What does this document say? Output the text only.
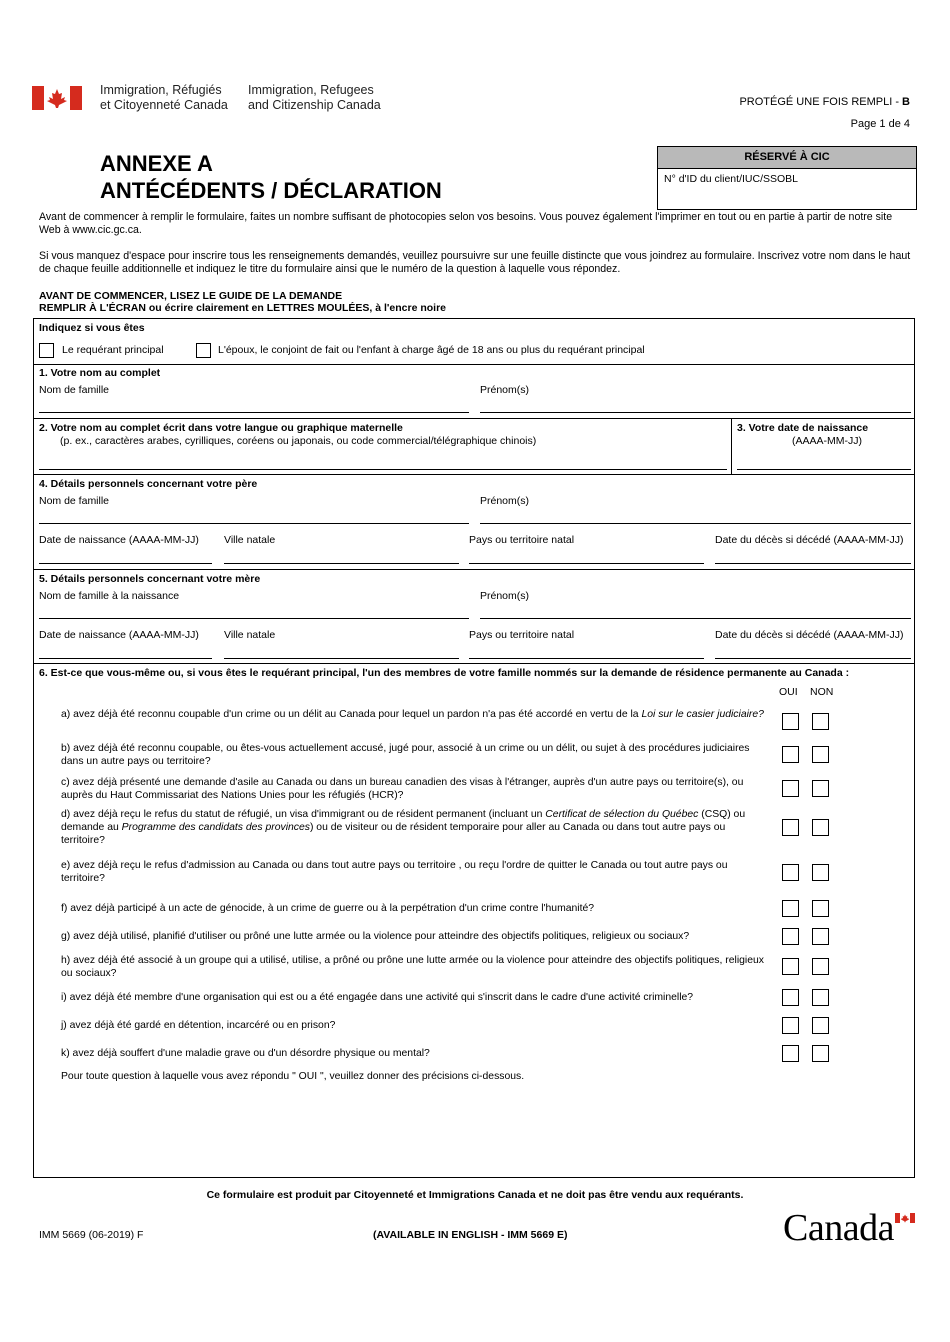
Immigration, Réfugiés
et Citoyenneté Canada
Immigration, Refugees
and Citizenship Canada	PROTÉGÉ UNE FOIS REMPLI - B
Page 1 de 4
ANNEXE A
ANTÉCÉDENTS / DÉCLARATION
RÉSERVÉ À CIC
N° d'ID du client/IUC/SSOBL
Avant de commencer à remplir le formulaire, faites un nombre suffisant de photocopies selon vos besoins. Vous pouvez également l'imprimer en tout ou en partie à partir de notre site Web à www.cic.gc.ca.
Si vous manquez d'espace pour inscrire tous les renseignements demandés, veuillez poursuivre sur une feuille distincte que vous joindrez au formulaire. Inscrivez votre nom dans le haut de chaque feuille additionnelle et indiquez le titre du formulaire ainsi que le numéro de la question à laquelle vous répondez.
AVANT DE COMMENCER, LISEZ LE GUIDE DE LA DEMANDE
REMPLIR À L'ÉCRAN ou écrire clairement en LETTRES MOULÉES, à l'encre noire
Indiquez si vous êtes
Le requérant principal	L'époux, le conjoint de fait ou l'enfant à charge âgé de 18 ans ou plus du requérant principal
1. Votre nom au complet
Nom de famille	Prénom(s)
2. Votre nom au complet écrit dans votre langue ou graphique maternelle
(p. ex., caractères arabes, cyrilliques, coréens ou japonais, ou code commercial/télégraphique chinois)
3. Votre date de naissance
(AAAA-MM-JJ)
4. Détails personnels concernant votre père
Nom de famille	Prénom(s)
Date de naissance (AAAA-MM-JJ) Ville natale	Pays ou territoire natal	Date du décès si décédé (AAAA-MM-JJ)
5. Détails personnels concernant votre mère
Nom de famille à la naissance	Prénom(s)
Date de naissance (AAAA-MM-JJ) Ville natale	Pays ou territoire natal	Date du décès si décédé (AAAA-MM-JJ)
6. Est-ce que vous-même ou, si vous êtes le requérant principal, l'un des membres de votre famille nommés sur la demande de résidence permanente au Canada :
OUI NON
a) avez déjà été reconnu coupable d'un crime ou un délit au Canada pour lequel un pardon n'a pas été accordé en vertu de la Loi sur le casier judiciaire?
b) avez déjà été reconnu coupable, ou êtes-vous actuellement accusé, jugé pour, associé à un crime ou un délit, ou sujet à des procédures judiciaires dans un autre pays ou territoire?
c) avez déjà présenté une demande d'asile au Canada ou dans un bureau canadien des visas à l'étranger, auprès d'un autre pays ou territoire(s), ou auprès du Haut Commissariat des Nations Unies pour les réfugiés (HCR)?
d) avez déjà reçu le refus du statut de réfugié, un visa d'immigrant ou de résident permanent (incluant un Certificat de sélection du Québec (CSQ) ou demande au Programme des candidats des provinces) ou de visiteur ou de résident temporaire pour aller au Canada ou dans tout autre pays ou territoire?
e) avez déjà reçu le refus d'admission au Canada ou dans tout autre pays ou territoire , ou reçu l'ordre de quitter le Canada ou tout autre pays ou territoire?
f) avez déjà participé à un acte de génocide, à un crime de guerre ou à la perpétration d'un crime contre l'humanité?
g) avez déjà utilisé, planifié d'utiliser ou prôné une lutte armée ou la violence pour atteindre des objectifs politiques, religieux ou sociaux?
h) avez déjà été associé à un groupe qui a utilisé, utilise, a prôné ou prône une lutte armée ou la violence pour atteindre des objectifs politiques, religieux ou sociaux?
i) avez déjà été membre d'une organisation qui est ou a été engagée dans une activité qui s'inscrit dans le cadre d'une activité criminelle?
j) avez déjà été gardé en détention, incarcéré ou en prison?
k) avez déjà souffert d'une maladie grave ou d'un désordre physique ou mental?
Pour toute question à laquelle vous avez répondu " OUI ", veuillez donner des précisions ci-dessous.
Ce formulaire est produit par Citoyenneté et Immigrations Canada et ne doit pas être vendu aux requérants.
IMM 5669 (06-2019) F	(AVAILABLE IN ENGLISH - IMM 5669 E)	Canada
